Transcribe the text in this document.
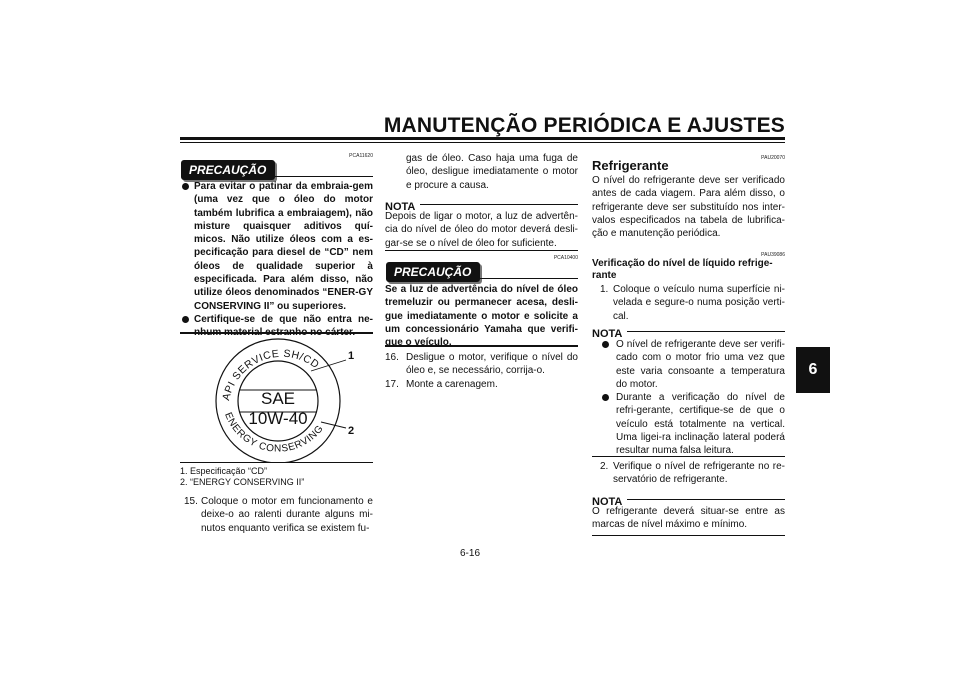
MANUTENÇÃO PERIÓDICA E AJUSTES
6
PCA11620
PRECAUÇÃO
Para evitar o patinar da embraia-gem (uma vez que o óleo do motor também lubrifica a embraiagem), não misture quaisquer aditivos quí-micos. Não utilize óleos com a es-pecificação para diesel de “CD” nem óleos de qualidade superior à especificada. Para além disso, não utilize óleos denominados “ENER-GY CONSERVING II” ou superiores.
Certifique-se de que não entra ne-nhum material estranho no cárter.
API SERVICE SH/CD
ENERGY CONSERVING
SAE
10W-40
1
2
1. Especificação “CD”
2. “ENERGY CONSERVING II”
15. Coloque o motor em funcionamento e deixe-o ao ralenti durante alguns mi-nutos enquanto verifica se existem fu-
gas de óleo. Caso haja uma fuga de óleo, desligue imediatamente o motor e procure a causa.
NOTA
Depois de ligar o motor, a luz de advertên-cia do nível de óleo do motor deverá desli-gar-se se o nível de óleo for suficiente.
PCA10400
PRECAUÇÃO
Se a luz de advertência do nível de óleo tremeluzir ou permanecer acesa, desli-gue imediatamente o motor e solicite a um concessionário Yamaha que verifi-que o veículo.
16. Desligue o motor, verifique o nível do óleo e, se necessário, corrija-o.
17. Monte a carenagem.
PAU20070
Refrigerante
O nível do refrigerante deve ser verificado antes de cada viagem. Para além disso, o refrigerante deve ser substituído nos inter-valos especificados na tabela de lubrifica-ção e manutenção periódica.
PAU39086
Verificação do nível de líquido refrige-rante
1. Coloque o veículo numa superfície ni-velada e segure-o numa posição verti-cal.
NOTA
O nível de refrigerante deve ser verifi-cado com o motor frio uma vez que este varia consoante a temperatura do motor.
Durante a verificação do nível de refri-gerante, certifique-se de que o veículo está totalmente na vertical. Uma ligei-ra inclinação lateral poderá resultar numa falsa leitura.
2. Verifique o nível de refrigerante no re-servatório de refrigerante.
NOTA
O refrigerante deverá situar-se entre as marcas de nível máximo e mínimo.
6-16
